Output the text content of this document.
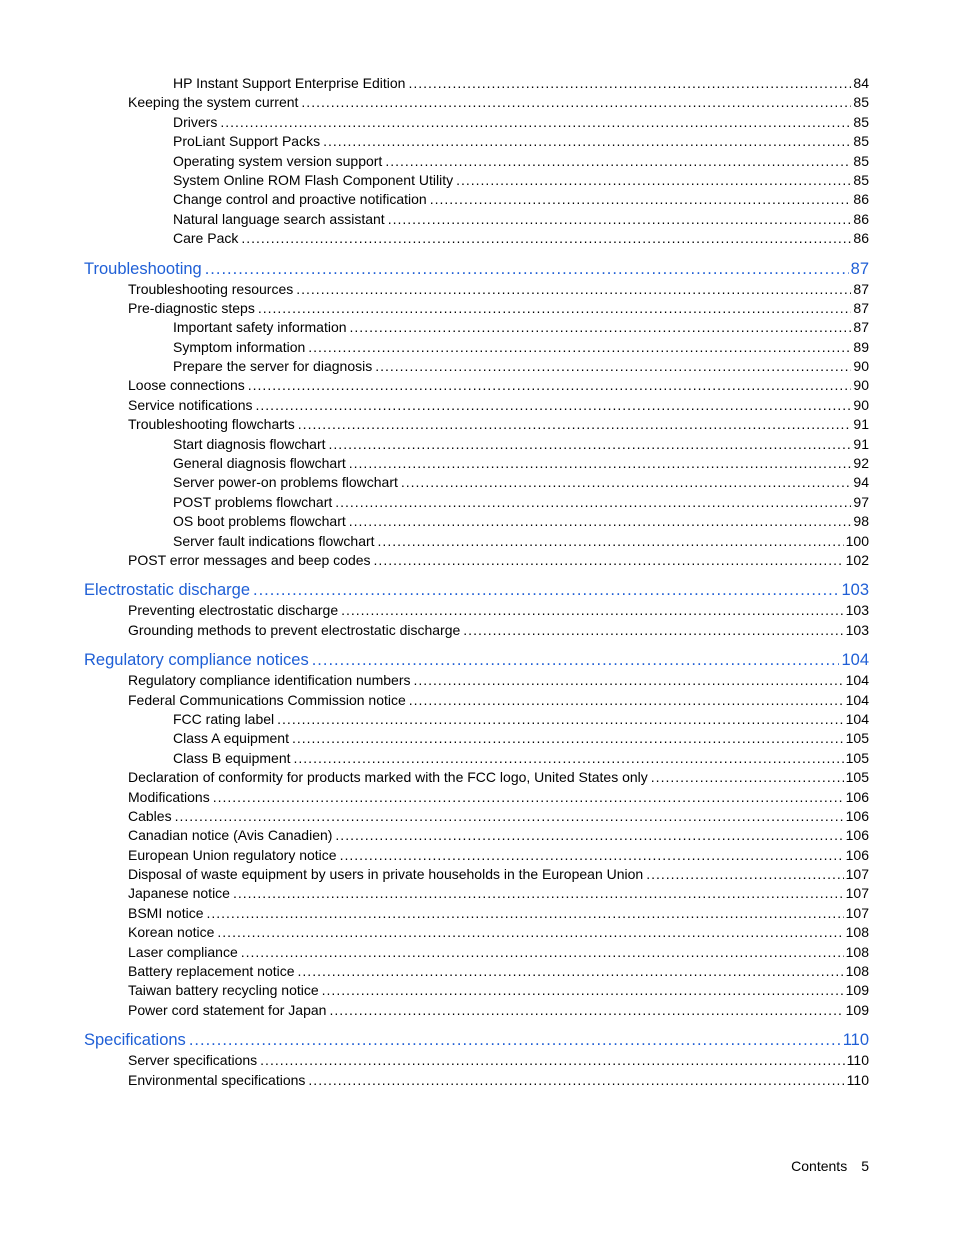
HP Instant Support Enterprise Edition .....	84
Keeping the system current .....	85
Drivers .....	85
ProLiant Support Packs .....	85
Operating system version support .....	85
System Online ROM Flash Component Utility .....	85
Change control and proactive notification .....	86
Natural language search assistant .....	86
Care Pack .....	86
Troubleshooting .....	87
Troubleshooting resources .....	87
Pre-diagnostic steps .....	87
Important safety information .....	87
Symptom information .....	89
Prepare the server for diagnosis .....	90
Loose connections .....	90
Service notifications .....	90
Troubleshooting flowcharts .....	91
Start diagnosis flowchart .....	91
General diagnosis flowchart .....	92
Server power-on problems flowchart .....	94
POST problems flowchart .....	97
OS boot problems flowchart .....	98
Server fault indications flowchart .....	100
POST error messages and beep codes .....	102
Electrostatic discharge .....	103
Preventing electrostatic discharge .....	103
Grounding methods to prevent electrostatic discharge .....	103
Regulatory compliance notices .....	104
Regulatory compliance identification numbers .....	104
Federal Communications Commission notice .....	104
FCC rating label .....	104
Class A equipment .....	105
Class B equipment .....	105
Declaration of conformity for products marked with the FCC logo, United States only .....	105
Modifications .....	106
Cables .....	106
Canadian notice (Avis Canadien) .....	106
European Union regulatory notice .....	106
Disposal of waste equipment by users in private households in the European Union .....	107
Japanese notice .....	107
BSMI notice .....	107
Korean notice .....	108
Laser compliance .....	108
Battery replacement notice .....	108
Taiwan battery recycling notice .....	109
Power cord statement for Japan .....	109
Specifications .....	110
Server specifications .....	110
Environmental specifications .....	110
Contents 5
